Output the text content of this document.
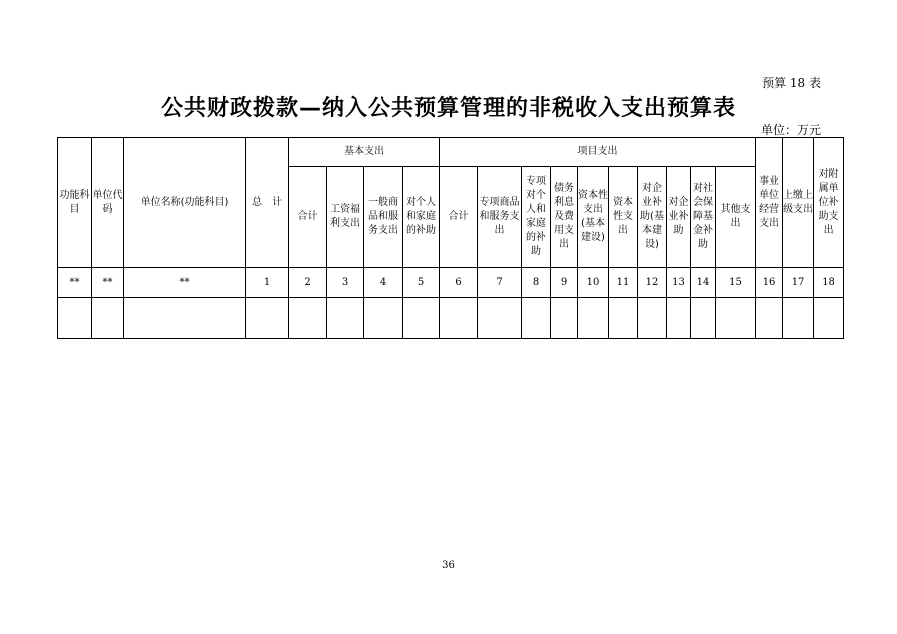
预算 18 表
公共财政拨款—纳入公共预算管理的非税收入支出预算表
单位：万元
功能科目	单位代码	单位名称(功能科目)	总　计	基本支出				项目支出										事业单位经营支出	上缴上级支出	对附属单位补助支出
				合计	工资福利支出	一般商品和服务支出	对个人和家庭的补助	合计	专项商品和服务支出	专项对个人和家庭的补助	债务利息及费用支出	资本性支出(基本建设)	资本性支出	对企业补助(基本建设)	对企业补助	对社会保障基金补助	其他支出			
**	**	**	1	2	3	4	5	6	7	8	9	10	11	12	13	14	15	16	17	18

36
